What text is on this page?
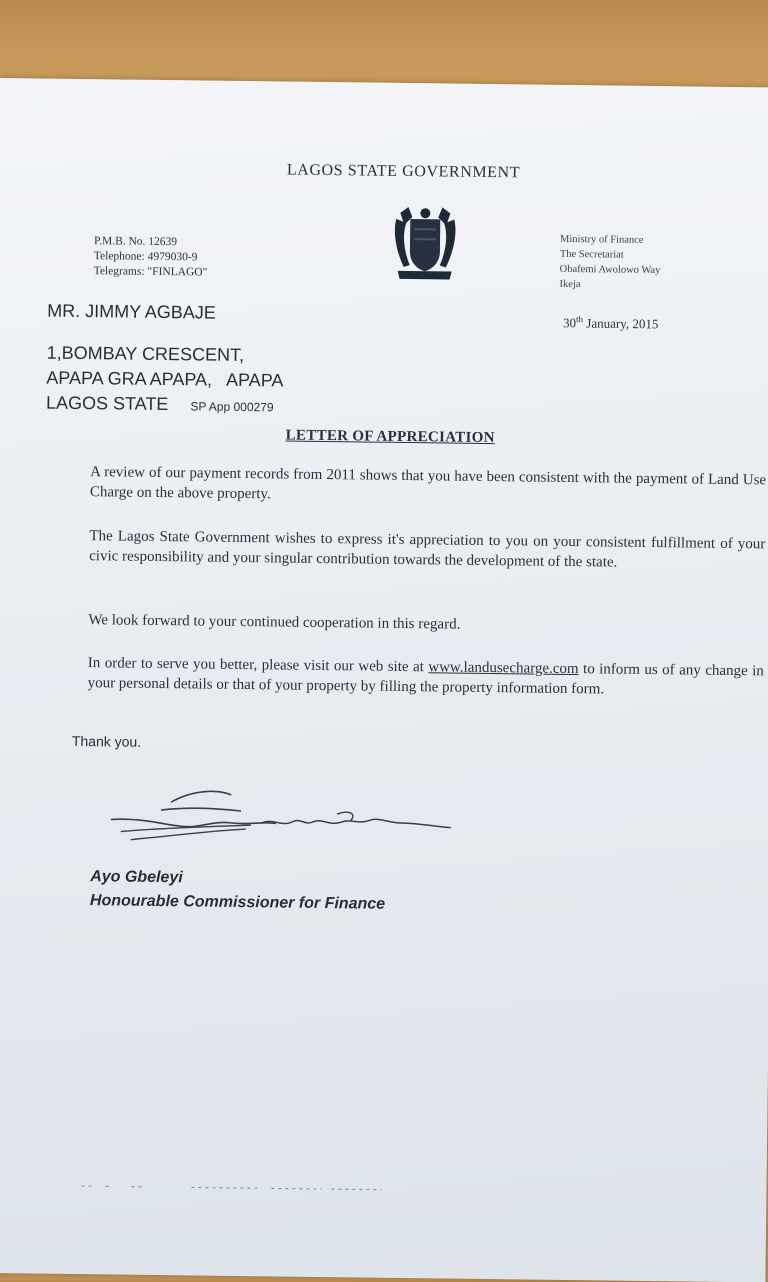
LAGOS STATE GOVERNMENT
P.M.B. No. 12639
Telephone: 4979030-9
Telegrams: "FINLAGO"
Ministry of Finance
The Secretariat
Obafemi Awolowo Way
Ikeja
MR. JIMMY AGBAJE
30th January, 2015
1,BOMBAY CRESCENT,
APAPA GRA APAPA,   APAPA
LAGOS STATE SP App 000279
LETTER OF APPRECIATION
A review of our payment records from 2011 shows that you have been consistent with the payment of Land Use Charge on the above property.
The Lagos State Government wishes to express it's appreciation to you on your consistent fulfillment of your civic responsibility and your singular contribution towards the development of the state.
We look forward to your continued cooperation in this regard.
In order to serve you better, please visit our web site at www.landusecharge.com to inform us of any change in your personal details or that of your property by filling the property information form.
Thank you.
Ayo Gbeleyi
Honourable Commissioner for Finance
